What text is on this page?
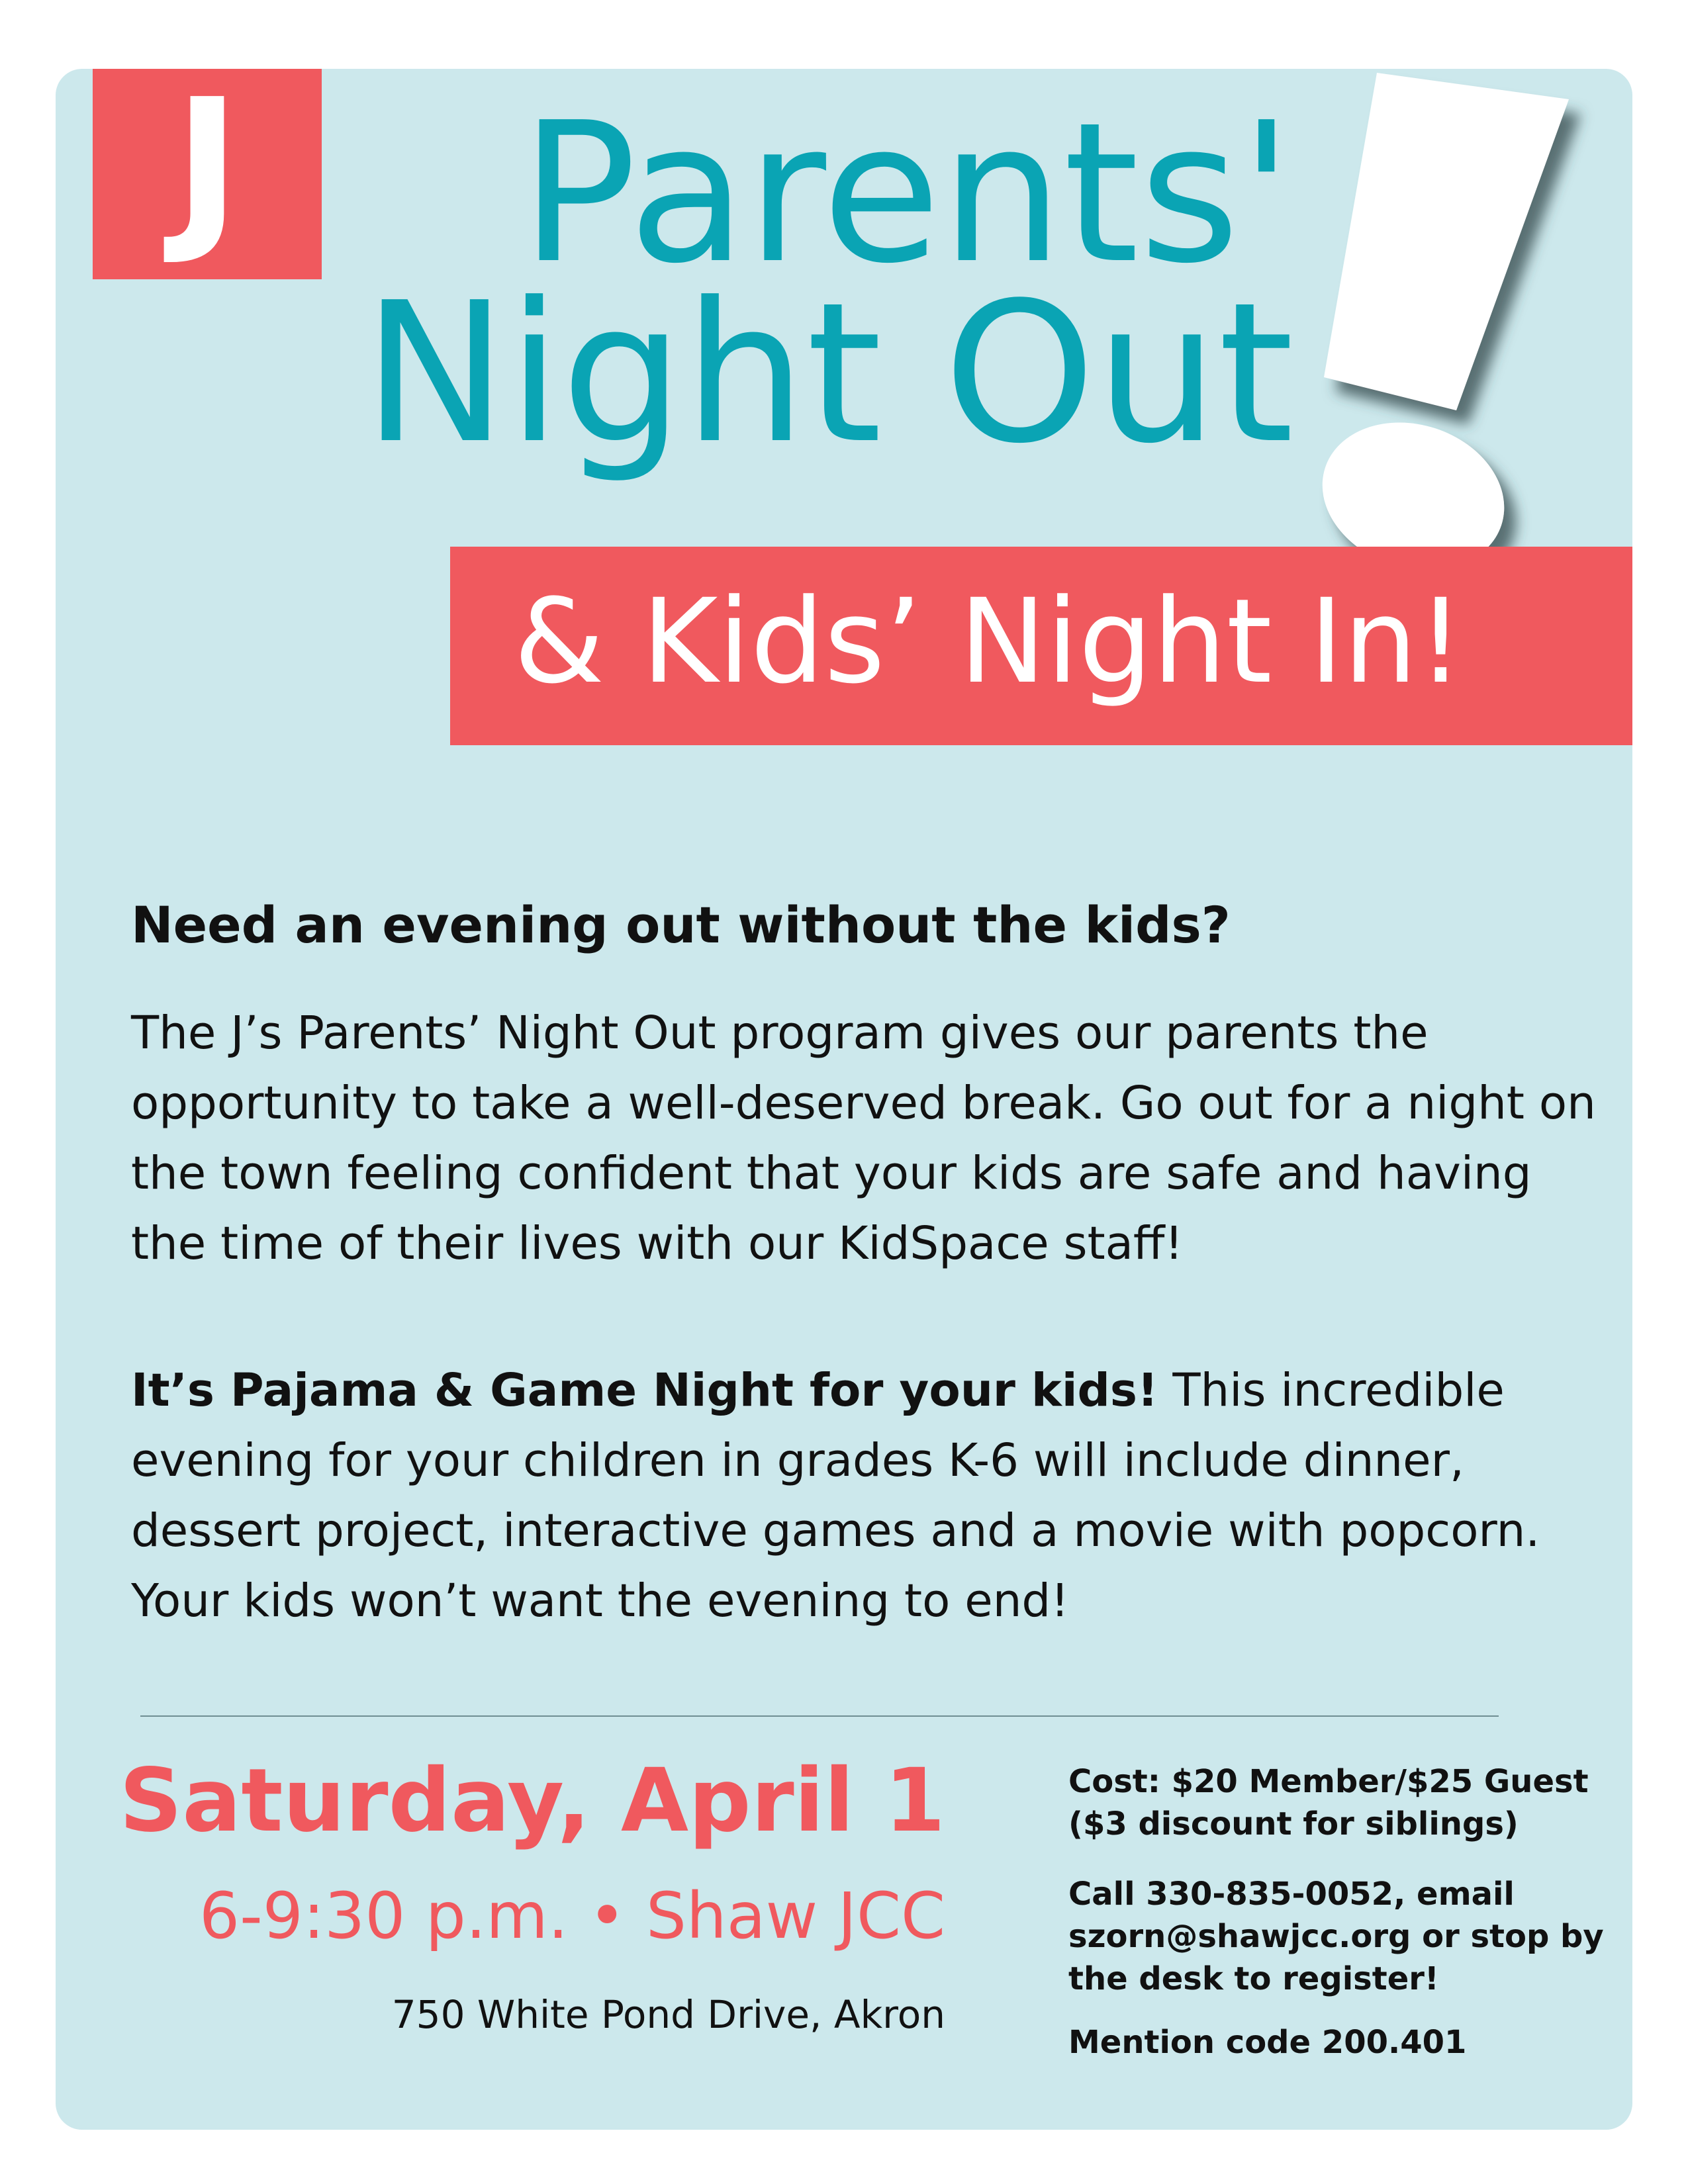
J	Parents'
Night Out
& Kids’ Night In!
Need an evening out without the kids?

The J’s Parents’ Night Out program gives our parents the opportunity to take a well-deserved break. Go out for a night on the town feeling confident that your kids are safe and having the time of their lives with our KidSpace staff!

It’s Pajama & Game Night for your kids! This incredible evening for your children in grades K-6 will include dinner, dessert project, interactive games and a movie with popcorn. Your kids won’t want the evening to end!

Saturday, April 1
6-9:30 p.m. • Shaw JCC
750 White Pond Drive, Akron
Cost: $20 Member/$25 Guest
($3 discount for siblings)
Call 330-835-0052, email
szorn@shawjcc.org or stop by
the desk to register!
Mention code 200.401
